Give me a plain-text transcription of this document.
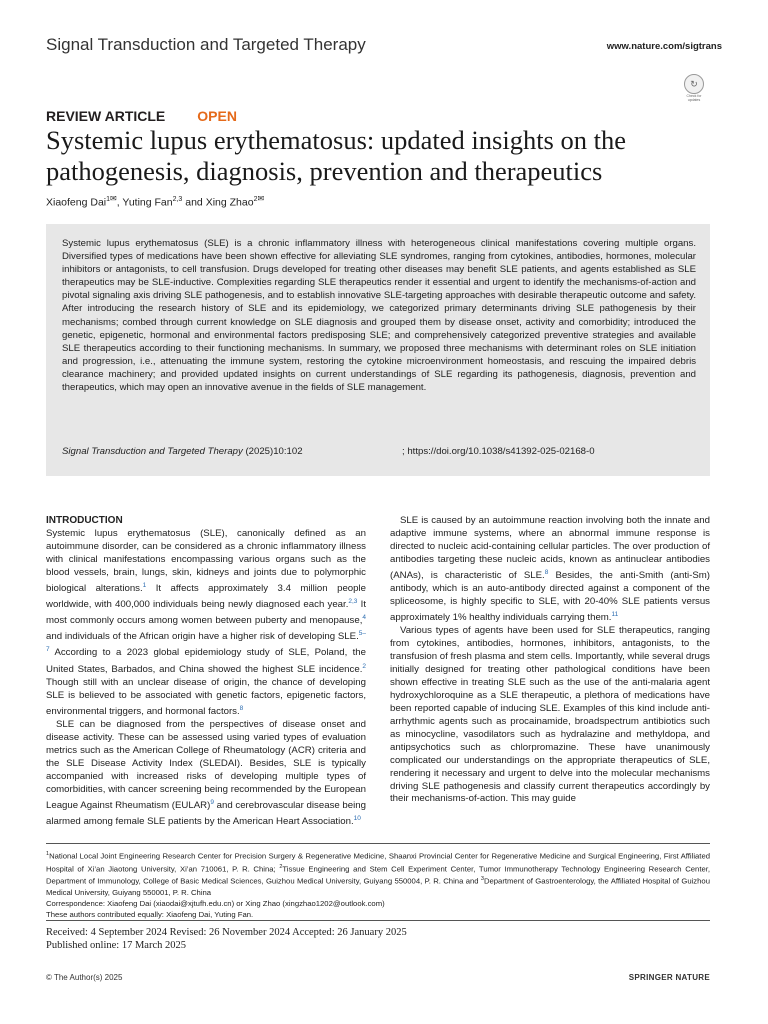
Signal Transduction and Targeted Therapy	www.nature.com/sigtrans
↻
Check for updates
REVIEW ARTICLE OPEN
Systemic lupus erythematosus: updated insights on the pathogenesis, diagnosis, prevention and therapeutics
Xiaofeng Dai$^{1✉}$, Yuting Fan$^{2,3}$ and Xing Zhao$^{2✉}$
Systemic lupus erythematosus (SLE) is a chronic inflammatory illness with heterogeneous clinical manifestations covering multiple organs. Diversified types of medications have been shown effective for alleviating SLE syndromes, ranging from cytokines, antibodies, hormones, molecular inhibitors or antagonists, to cell transfusion. Drugs developed for treating other diseases may benefit SLE patients, and agents established as SLE therapeutics may be SLE-inductive. Complexities regarding SLE therapeutics render it essential and urgent to identify the mechanisms-of-action and pivotal signaling axis driving SLE pathogenesis, and to establish innovative SLE-targeting approaches with desirable therapeutic outcome and safety. After introducing the research history of SLE and its epidemiology, we categorized primary determinants driving SLE pathogenesis by their mechanisms; combed through current knowledge on SLE diagnosis and grouped them by disease onset, activity and comorbidity; introduced the genetic, epigenetic, hormonal and environmental factors predisposing SLE; and comprehensively categorized preventive strategies and available SLE therapeutics according to their functioning mechanisms. In summary, we proposed three mechanisms with determinant roles on SLE initiation and progression, i.e., attenuating the immune system, restoring the cytokine microenvironment homeostasis, and rescuing the impaired debris clearance machinery; and provided updated insights on current understandings of SLE regarding its pathogenesis, diagnosis, prevention and therapeutics, which may open an innovative avenue in the fields of SLE management.
Signal Transduction and Targeted Therapy (2025)10:102	; https://doi.org/10.1038/s41392-025-02168-0

INTRODUCTION

Systemic lupus erythematosus (SLE), canonically defined as an autoimmune disorder, can be considered as a chronic inflammatory illness with clinical manifestations encompassing various organs such as the blood vessels, brain, lungs, skin, kidneys and joints due to polymorphic biological alterations.$^1$ It affects approximately 3.4 million people worldwide, with 400,000 individuals being newly diagnosed each year.$^{2,3}$ It most commonly occurs among women between puberty and menopause,$^4$ and individuals of the African origin have a higher risk of developing SLE.$^{5-7}$ According to a 2023 global epidemiology study of SLE, Poland, the United States, Barbados, and China showed the highest SLE incidence.$^2$ Though still with an unclear disease of origin, the chance of developing SLE is believed to be associated with genetic factors, epigenetic factors, environmental triggers, and hormonal factors.$^8$

SLE can be diagnosed from the perspectives of disease onset and disease activity. These can be assessed using varied types of evaluation metrics such as the American College of Rheumatology (ACR) criteria and the SLE Disease Activity Index (SLEDAI). Besides, SLE is typically accompanied with increased risks of developing multiple types of comorbidities, with cancer screening being recommended by the European League Against Rheumatism (EULAR)$^9$ and cerebrovascular disease being alarmed among female SLE patients by the American Heart Association.$^{10}$

SLE is caused by an autoimmune reaction involving both the innate and adaptive immune systems, where an abnormal immune response is directed to nucleic acid-containing cellular particles. The over production of antibodies targeting these nucleic acids, known as antinuclear antibodies (ANAs), is characteristic of SLE.$^8$ Besides, the anti-Smith (anti-Sm) antibody, which is an auto-antibody directed against a component of the spliceosome, is highly specific to SLE, with 20-40% SLE patients versus approximately 1% healthy individuals carrying them.$^{11}$

Various types of agents have been used for SLE therapeutics, ranging from cytokines, antibodies, hormones, inhibitors, antagonists, to the transfusion of fresh plasma and stem cells. Importantly, while several drugs initially designed for treating other pathological conditions have been shown effective in treating SLE such as the use of the anti-malaria agent hydroxychloroquine as a SLE therapeutic, a plethora of medications have been reported capable of inducing SLE. Examples of this kind include anti-arrhythmic agents such as procainamide, broadspectrum antibiotics such as minocycline, vasodilators such as hydralazine and methyldopa, and antipsychotics such as chlorpromazine. These have unanimously complicated our understandings on the appropriate therapeutics of SLE, rendering it necessary and urgent to delve into the molecular mechanisms driving SLE pathogenesis and classify current therapeutics accordingly by their mechanisms-of-action. This may guide

$^1$National Local Joint Engineering Research Center for Precision Surgery & Regenerative Medicine, Shaanxi Provincial Center for Regenerative Medicine and Surgical Engineering, First Affiliated Hospital of Xi’an Jiaotong University, Xi’an 710061, P. R. China; $^2$Tissue Engineering and Stem Cell Experiment Center, Tumor Immunotherapy Technology Engineering Research Center, Department of Immunology, College of Basic Medical Sciences, Guizhou Medical University, Guiyang 550004, P. R. China and $^3$Department of Gastroenterology, the Affiliated Hospital of Guizhou Medical University, Guiyang 550001, P. R. China

Correspondence: Xiaofeng Dai (xiaodai@xjtufh.edu.cn) or Xing Zhao (xingzhao1202@outlook.com)

These authors contributed equally: Xiaofeng Dai, Yuting Fan.

Received: 4 September 2024 Revised: 26 November 2024 Accepted: 26 January 2025
Published online: 17 March 2025
© The Author(s) 2025	SPRINGER NATURE
